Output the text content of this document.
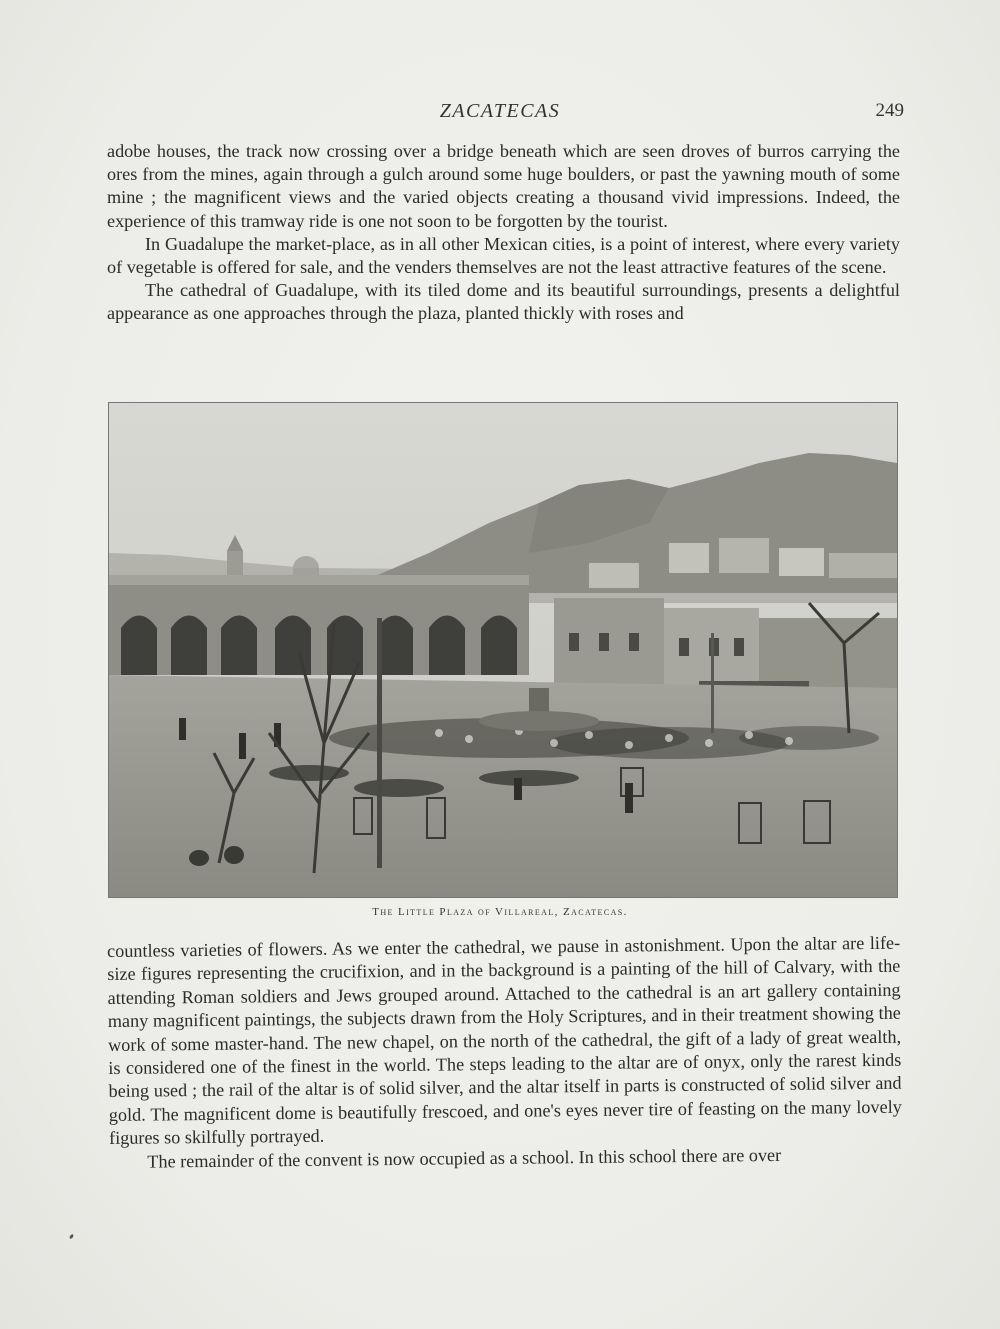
ZACATECAS	249

adobe houses, the track now crossing over a bridge beneath which are seen droves of burros carrying the ores from the mines, again through a gulch around some huge boulders, or past the yawning mouth of some mine ; the magnificent views and the varied objects creating a thousand vivid impressions. Indeed, the experience of this tramway ride is one not soon to be forgotten by the tourist.

In Guadalupe the market-place, as in all other Mexican cities, is a point of interest, where every variety of vegetable is offered for sale, and the venders themselves are not the least attractive features of the scene.

The cathedral of Guadalupe, with its tiled dome and its beautiful surroundings, presents a delightful appearance as one approaches through the plaza, planted thickly with roses and

The Little Plaza of Villareal, Zacatecas.

countless varieties of flowers. As we enter the cathedral, we pause in astonishment. Upon the altar are life-size figures representing the crucifixion, and in the background is a painting of the hill of Calvary, with the attending Roman soldiers and Jews grouped around. Attached to the cathedral is an art gallery containing many magnificent paintings, the subjects drawn from the Holy Scriptures, and in their treatment showing the work of some master-hand. The new chapel, on the north of the cathedral, the gift of a lady of great wealth, is considered one of the finest in the world. The steps leading to the altar are of onyx, only the rarest kinds being used ; the rail of the altar is of solid silver, and the altar itself in parts is constructed of solid silver and gold. The magnificent dome is beautifully frescoed, and one's eyes never tire of feasting on the many lovely figures so skilfully portrayed.

The remainder of the convent is now occupied as a school. In this school there are over
